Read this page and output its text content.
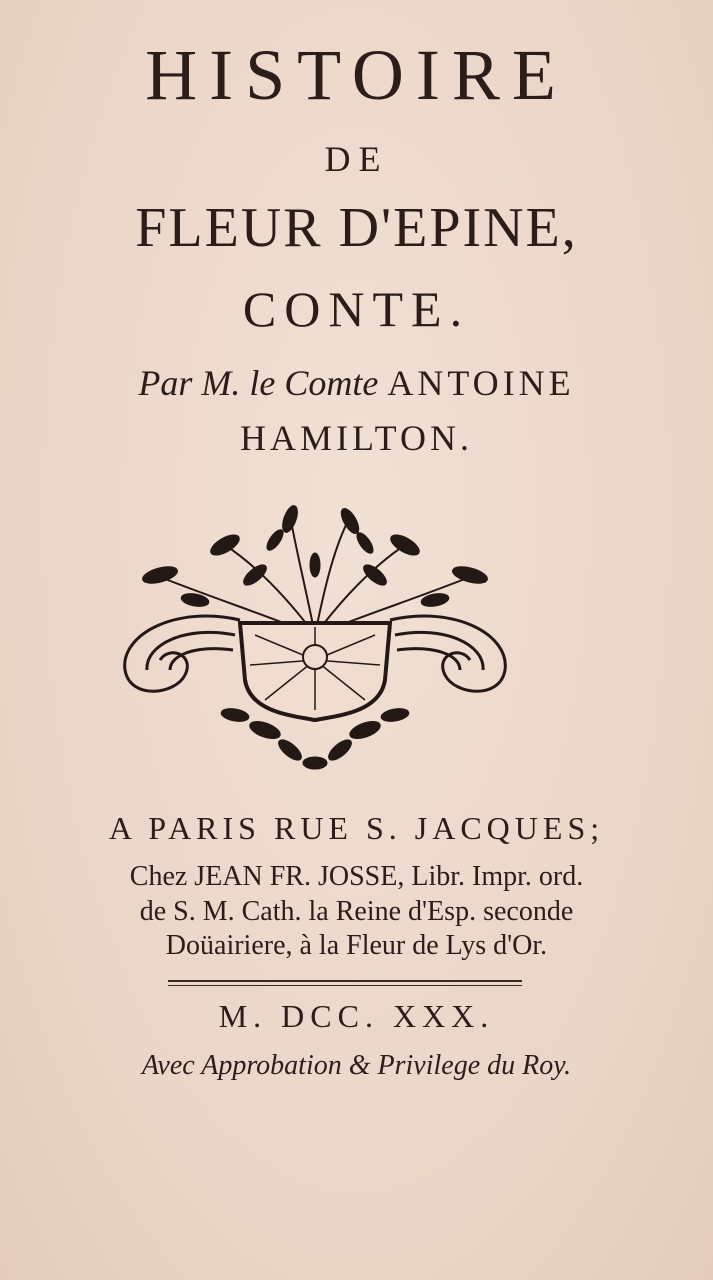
HISTOIRE
DE
FLEUR D'EPINE,
CONTE.
Par M. le Comte ANTOINE
HAMILTON.
A PARIS RUE S. JACQUES;
Chez JEAN FR. JOSSE, Libr. Impr. ord.
de S. M. Cath. la Reine d'Esp. seconde
Doüairiere, à la Fleur de Lys d'Or.
M. DCC. XXX.
Avec Approbation & Privilege du Roy.
